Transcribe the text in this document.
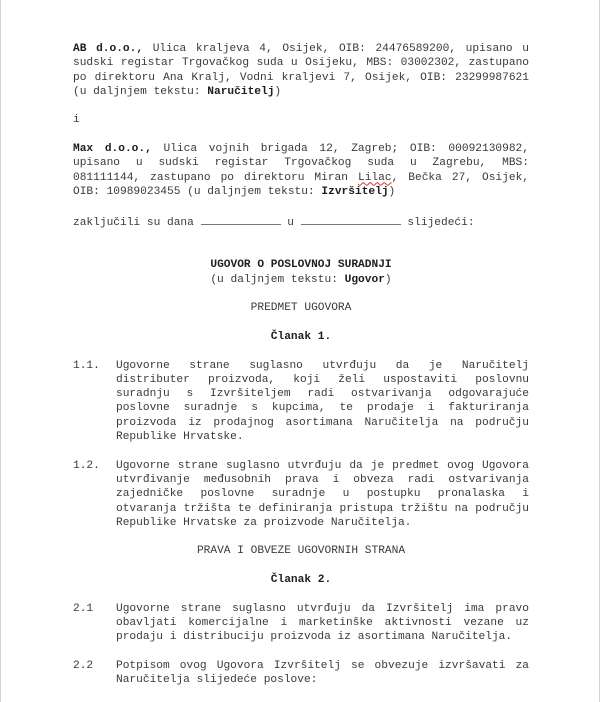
AB d.o.o., Ulica kraljeva 4, Osijek, OIB: 24476589200, upisano u sudski registar Trgovačkog suda u Osijeku, MBS: 03002302, zastupano po direktoru Ana Kralj, Vodni kraljevi 7, Osijek, OIB: 23299987621 (u daljnjem tekstu: Naručitelj)

i

Max d.o.o., Ulica vojnih brigada 12, Zagreb; OIB: 00092130982, upisano u sudski registar Trgovačkog suda u Zagrebu, MBS: 081111144, zastupano po direktoru Miran Lilac, Bečka 27, Osijek, OIB: 10989023455 (u daljnjem tekstu: Izvršitelj)

zaključili su dana	u	slijedeći:

UGOVOR O POSLOVNOJ SURADNJI

(u daljnjem tekstu: Ugovor)

PREDMET UGOVORA

Članak 1.

1.1.	Ugovorne strane suglasno utvrđuju da je Naručitelj distributer proizvoda, koji želi uspostaviti poslovnu suradnju s Izvršiteljem radi ostvarivanja odgovarajuće poslovne suradnje s kupcima, te prodaje i fakturiranja proizvoda iz prodajnog asortimana Naručitelja na području Republike Hrvatske.
1.2.	Ugovorne strane suglasno utvrđuju da je predmet ovog Ugovora utvrđivanje međusobnih prava i obveza radi ostvarivanja zajedničke poslovne suradnje u postupku pronalaska i otvaranja tržišta te definiranja pristupa tržištu na području Republike Hrvatske za proizvode Naručitelja.

PRAVA I OBVEZE UGOVORNIH STRANA

Članak 2.

2.1	Ugovorne strane suglasno utvrđuju da Izvršitelj ima pravo obavljati komercijalne i marketinške aktivnosti vezane uz prodaju i distribuciju proizvoda iz asortimana Naručitelja.
2.2	Potpisom ovog Ugovora Izvršitelj se obvezuje izvršavati za Naručitelja slijedeće poslove:
